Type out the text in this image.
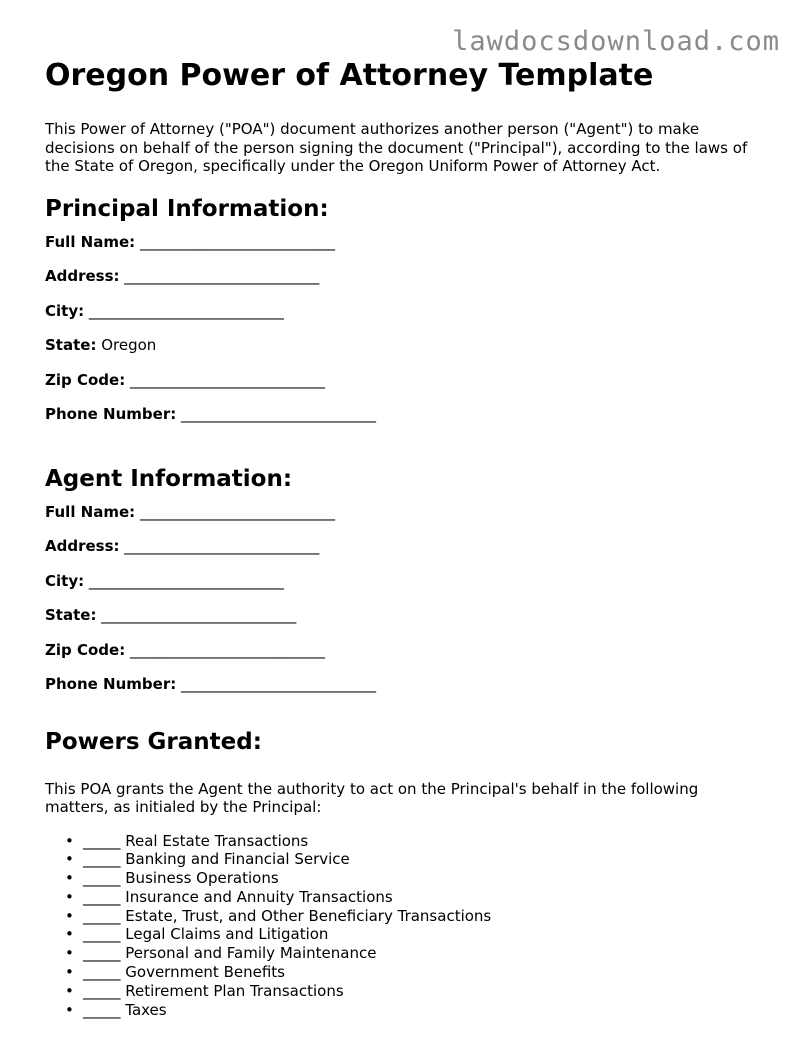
lawdocsdownload.com
Oregon Power of Attorney Template

This Power of Attorney ("POA") document authorizes another person ("Agent") to make decisions on behalf of the person signing the document ("Principal"), according to the laws of the State of Oregon, specifically under the Oregon Uniform Power of Attorney Act.

Principal Information:
Full Name: __________________________
Address: __________________________
City: __________________________
State: Oregon
Zip Code: __________________________
Phone Number: __________________________
Agent Information:
Full Name: __________________________
Address: __________________________
City: __________________________
State: __________________________
Zip Code: __________________________
Phone Number: __________________________
Powers Granted:

This POA grants the Agent the authority to act on the Principal's behalf in the following matters, as initialed by the Principal:

• _____ Real Estate Transactions
• _____ Banking and Financial Service
• _____ Business Operations
• _____ Insurance and Annuity Transactions
• _____ Estate, Trust, and Other Beneficiary Transactions
• _____ Legal Claims and Litigation
• _____ Personal and Family Maintenance
• _____ Government Benefits
• _____ Retirement Plan Transactions
• _____ Taxes
